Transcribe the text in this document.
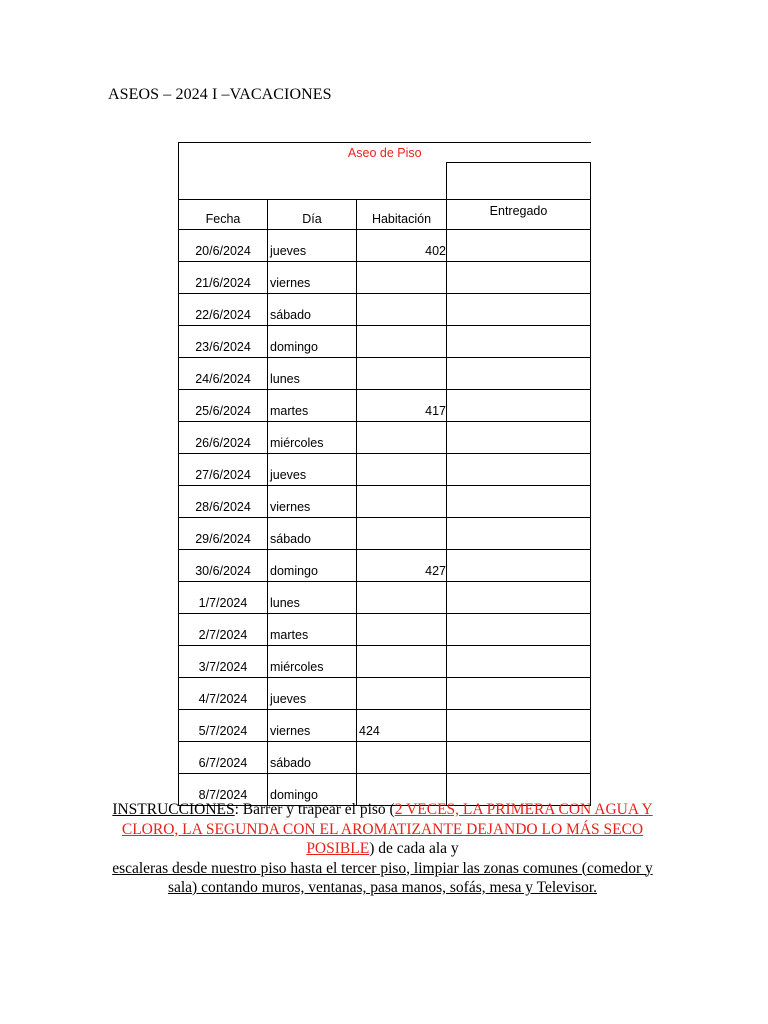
ASEOS – 2024 I –VACACIONES
Aseo de Piso			

Fecha	Día	Habitación	Entregado
20/6/2024	jueves	402	
21/6/2024	viernes		
22/6/2024	sábado		
23/6/2024	domingo		
24/6/2024	lunes		
25/6/2024	martes	417	
26/6/2024	miércoles		
27/6/2024	jueves		
28/6/2024	viernes		
29/6/2024	sábado		
30/6/2024	domingo	427	
1/7/2024	lunes		
2/7/2024	martes		
3/7/2024	miércoles		
4/7/2024	jueves		
5/7/2024	viernes	424	
6/7/2024	sábado		
8/7/2024	domingo		
INSTRUCCIONES: Barrer y trapear el piso (2 VECES, LA PRIMERA CON AGUA Y CLORO, LA SEGUNDA CON EL AROMATIZANTE DEJANDO LO MÁS SECO POSIBLE) de cada ala y
escaleras desde nuestro piso hasta el tercer piso, limpiar las zonas comunes (comedor y sala) contando muros, ventanas, pasa manos, sofás, mesa y Televisor.
